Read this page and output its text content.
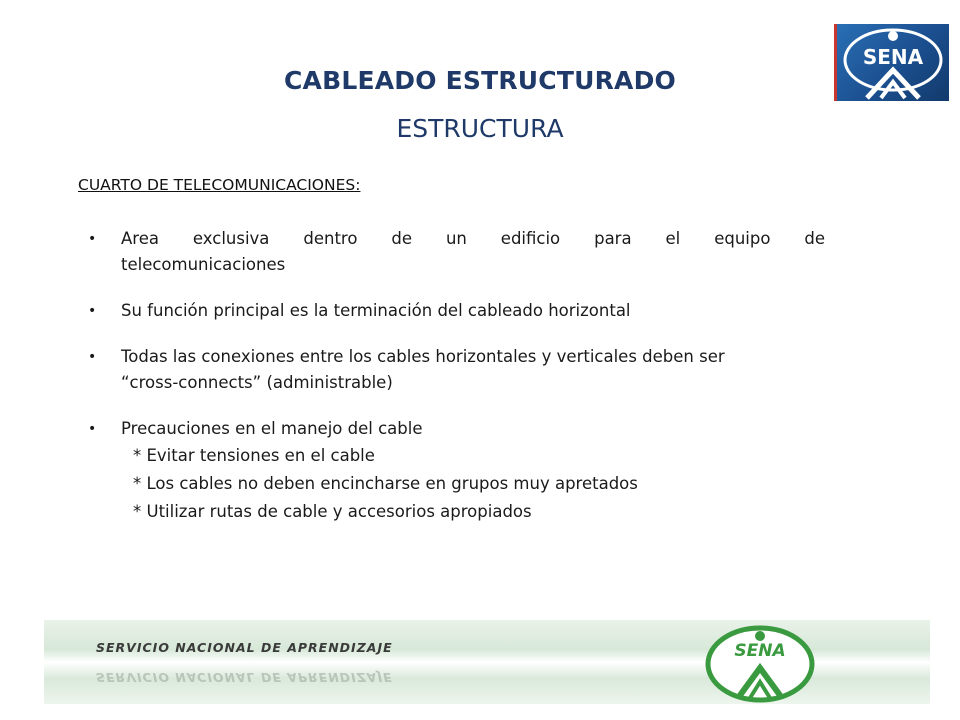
SENA
CABLEADO ESTRUCTURADO
ESTRUCTURA
CUARTO DE TELECOMUNICACIONES:
• Area exclusiva dentro de un edificio para el equipo de
telecomunicaciones
• Su función principal es la terminación del cableado horizontal
• Todas las conexiones entre los cables horizontales y verticales deben ser
“cross-connects” (administrable)
• Precauciones en el manejo del cable
* Evitar tensiones en el cable
* Los cables no deben encincharse en grupos muy apretados
* Utilizar rutas de cable y accesorios apropiados
SERVICIO NACIONAL DE APRENDIZAJE
SERVICIO NACIONAL DE APRENDIZAJE
SENA
